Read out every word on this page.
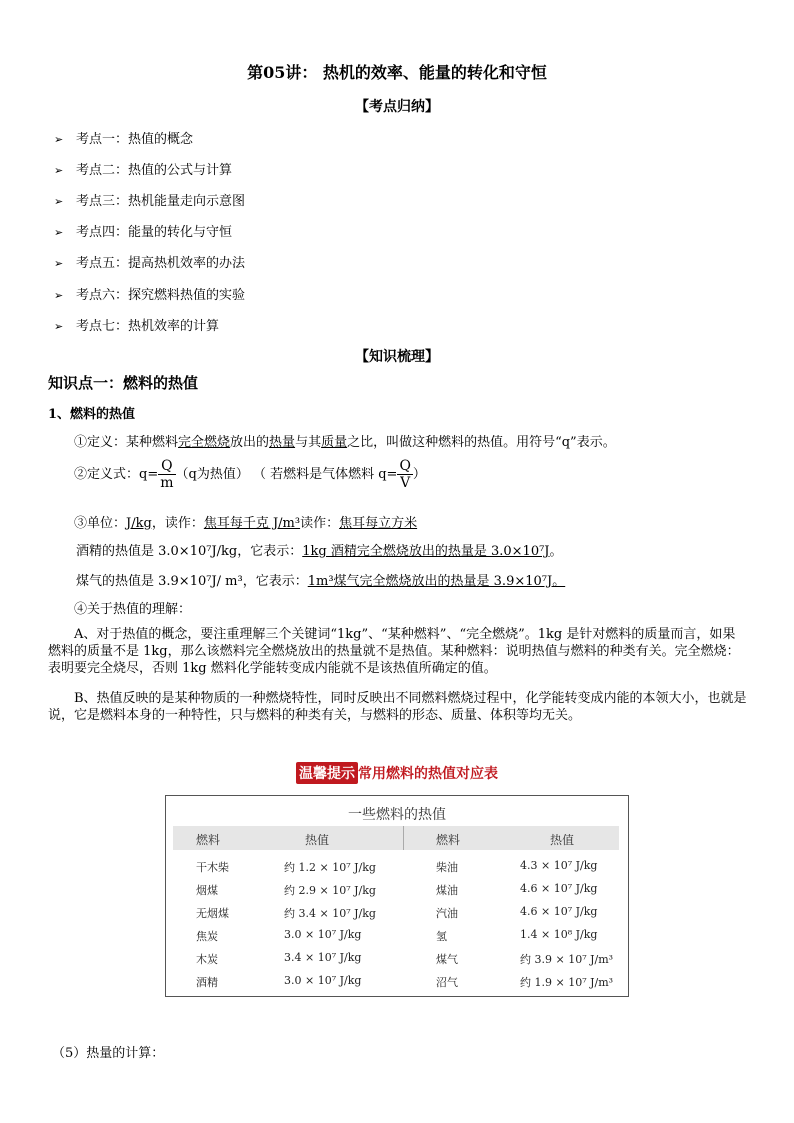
第05讲： 热机的效率、能量的转化和守恒
【考点归纳】
➢ 考点一：热值的概念
➢ 考点二：热值的公式与计算
➢ 考点三：热机能量走向示意图
➢ 考点四：能量的转化与守恒
➢ 考点五：提高热机效率的办法
➢ 考点六：探究燃料热值的实验
➢ 考点七：热机效率的计算
【知识梳理】
知识点一：燃料的热值
1、燃料的热值
①定义：某种燃料完全燃烧放出的热量与其质量之比，叫做这种燃料的热值。用符号“q”表示。
②定义式：$q= \frac{Q}{m} (q$为热值） （ 若燃料是气体燃料 $q= \frac{Q}{V}$ ）
③单位：J/kg，读作：焦耳每千克 J/m³读作：焦耳每立方米
酒精的热值是 3.0×10⁷J/kg，它表示：1kg 酒精完全燃烧放出的热量是 3.0×10⁷J。
煤气的热值是 3.9×10⁷J/ m³，它表示：1m³煤气完全燃烧放出的热量是 3.9×10⁷J。
④关于热值的理解：
A、对于热值的概念，要注重理解三个关键词“1kg”、“某种燃料”、“完全燃烧”。1kg 是针对燃料的质量而言，如果燃料的质量不是 1kg，那么该燃料完全燃烧放出的热量就不是热值。某种燃料：说明热值与燃料的种类有关。完全燃烧：表明要完全烧尽，否则 1kg 燃料化学能转变成内能就不是该热值所确定的值。
B、热值反映的是某种物质的一种燃烧特性，同时反映出不同燃料燃烧过程中，化学能转变成内能的本领大小，也就是说，它是燃料本身的一种特性，只与燃料的种类有关，与燃料的形态、质量、体积等均无关。
温馨提示 常用燃料的热值对应表
一些燃料的热值
燃料	热值	燃料	热值
干木柴	约 1.2 × 10⁷ J/kg	柴油	4.3 × 10⁷ J/kg
烟煤	约 2.9 × 10⁷ J/kg	煤油	4.6 × 10⁷ J/kg
无烟煤	约 3.4 × 10⁷ J/kg	汽油	4.6 × 10⁷ J/kg
焦炭	3.0 × 10⁷ J/kg	氢	1.4 × 10⁸ J/kg
木炭	3.4 × 10⁷ J/kg	煤气	约 3.9 × 10⁷ J/m³
酒精	3.0 × 10⁷ J/kg	沼气	约 1.9 × 10⁷ J/m³
（5）热量的计算：
